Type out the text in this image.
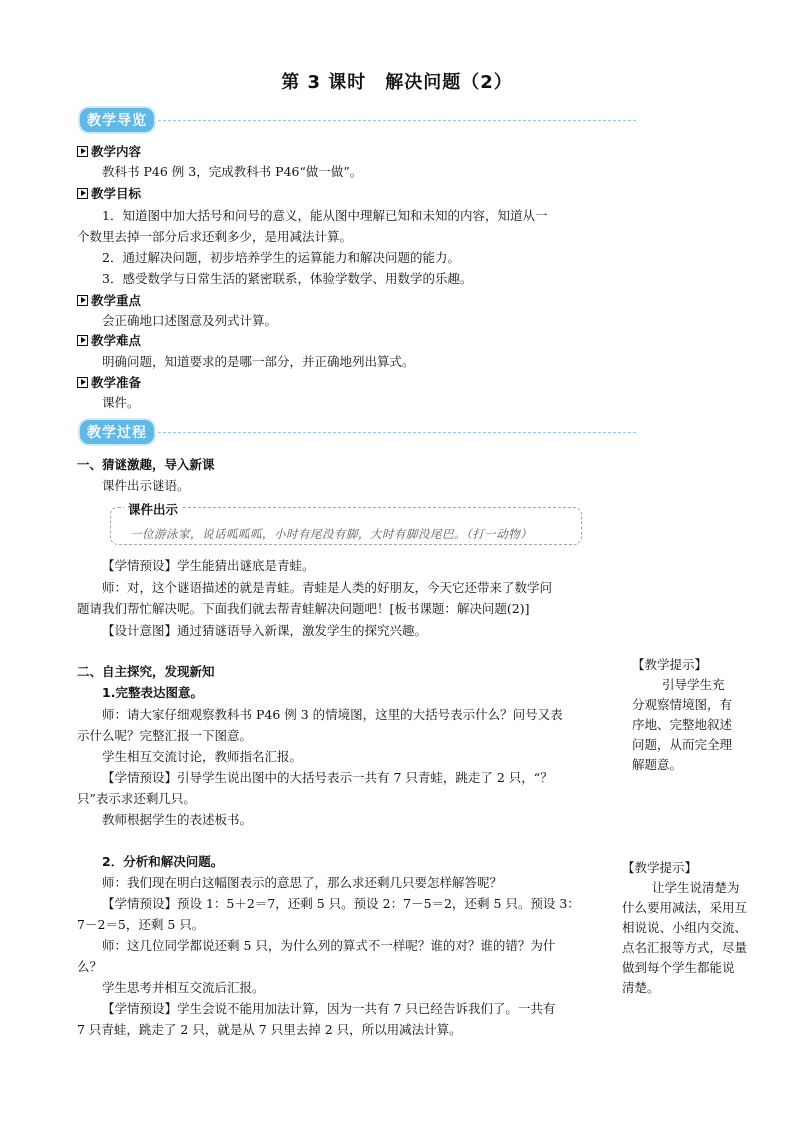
第 3 课时　解决问题（2）
教学导览
教学内容
教科书 P46 例 3，完成教科书 P46“做一做”。
教学目标
1．知道图中加大括号和问号的意义，能从图中理解已知和未知的内容，知道从一
个数里去掉一部分后求还剩多少，是用减法计算。
2．通过解决问题，初步培养学生的运算能力和解决问题的能力。
3．感受数学与日常生活的紧密联系，体验学数学、用数学的乐趣。
教学重点
会正确地口述图意及列式计算。
教学难点
明确问题，知道要求的是哪一部分，并正确地列出算式。
教学准备
课件。
教学过程
一、猜谜激趣，导入新课
课件出示谜语。
课件出示
一位游泳家，说话呱呱呱，小时有尾没有脚，大时有脚没尾巴。（打一动物）
【学情预设】学生能猜出谜底是青蛙。
师：对，这个谜语描述的就是青蛙。青蛙是人类的好朋友，今天它还带来了数学问
题请我们帮忙解决呢。下面我们就去帮青蛙解决问题吧！[板书课题：解决问题(2)]
【设计意图】通过猜谜语导入新课，激发学生的探究兴趣。
二、自主探究，发现新知
1.完整表达图意。
师：请大家仔细观察教科书 P46 例 3 的情境图，这里的大括号表示什么？问号又表
示什么呢？完整汇报一下图意。
学生相互交流讨论，教师指名汇报。
【学情预设】引导学生说出图中的大括号表示一共有 7 只青蛙，跳走了 2 只，“？
只”表示求还剩几只。
教师根据学生的表述板书。
2．分析和解决问题。
师：我们现在明白这幅图表示的意思了，那么求还剩几只要怎样解答呢？
【学情预设】预设 1：5＋2＝7，还剩 5 只。预设 2：7－5＝2，还剩 5 只。预设 3：
7－2＝5，还剩 5 只。
师：这几位同学都说还剩 5 只，为什么列的算式不一样呢？谁的对？谁的错？为什
么？
学生思考并相互交流后汇报。
【学情预设】学生会说不能用加法计算，因为一共有 7 只已经告诉我们了。一共有
7 只青蛙，跳走了 2 只，就是从 7 只里去掉 2 只，所以用减法计算。
【教学提示】
引导学生充
分观察情境图，有
序地、完整地叙述
问题，从而完全理
解题意。
【教学提示】
让学生说清楚为
什么要用减法，采用互
相说说、小组内交流、
点名汇报等方式，尽量
做到每个学生都能说
清楚。
